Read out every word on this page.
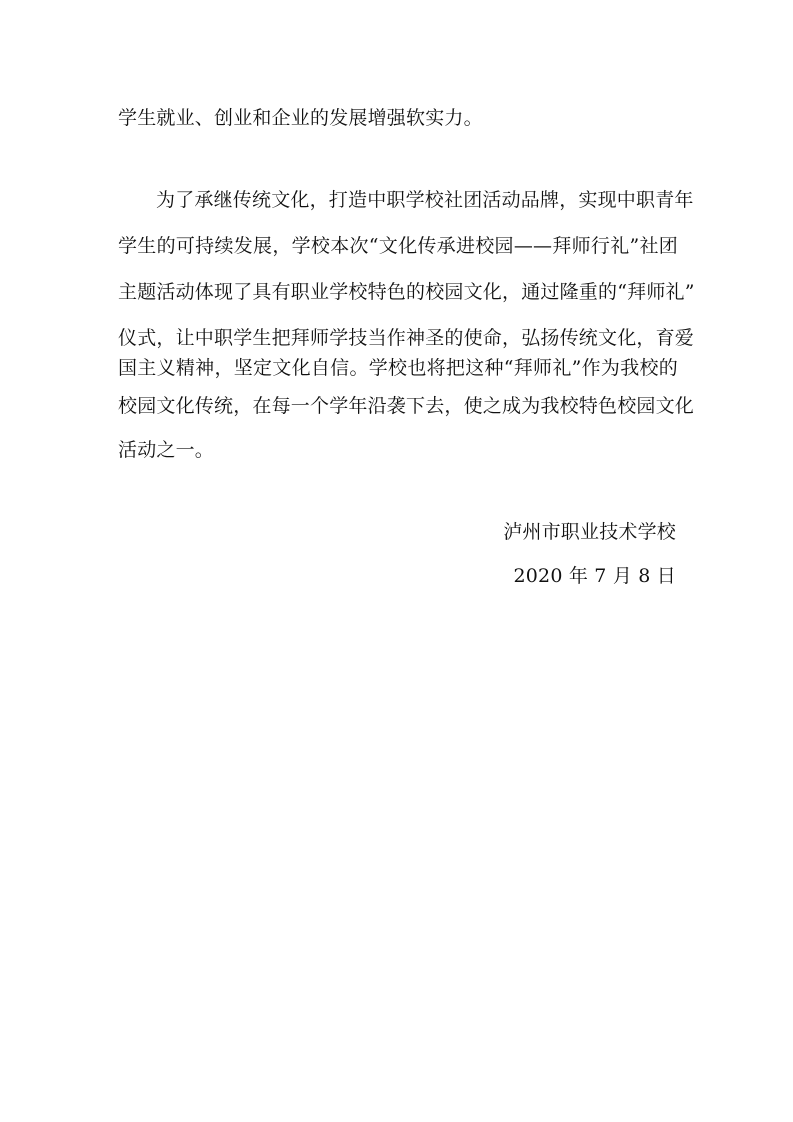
学生就业、创业和企业的发展增强软实力。
为了承继传统文化，打造中职学校社团活动品牌，实现中职青年
学生的可持续发展，学校本次“文化传承进校园——拜师行礼”社团
主题活动体现了具有职业学校特色的校园文化，通过隆重的“拜师礼”
仪式，让中职学生把拜师学技当作神圣的使命，弘扬传统文化，育爱
国主义精神，坚定文化自信。学校也将把这种“拜师礼”作为我校的
校园文化传统，在每一个学年沿袭下去，使之成为我校特色校园文化
活动之一。
泸州市职业技术学校
2020 年 7 月 8 日
